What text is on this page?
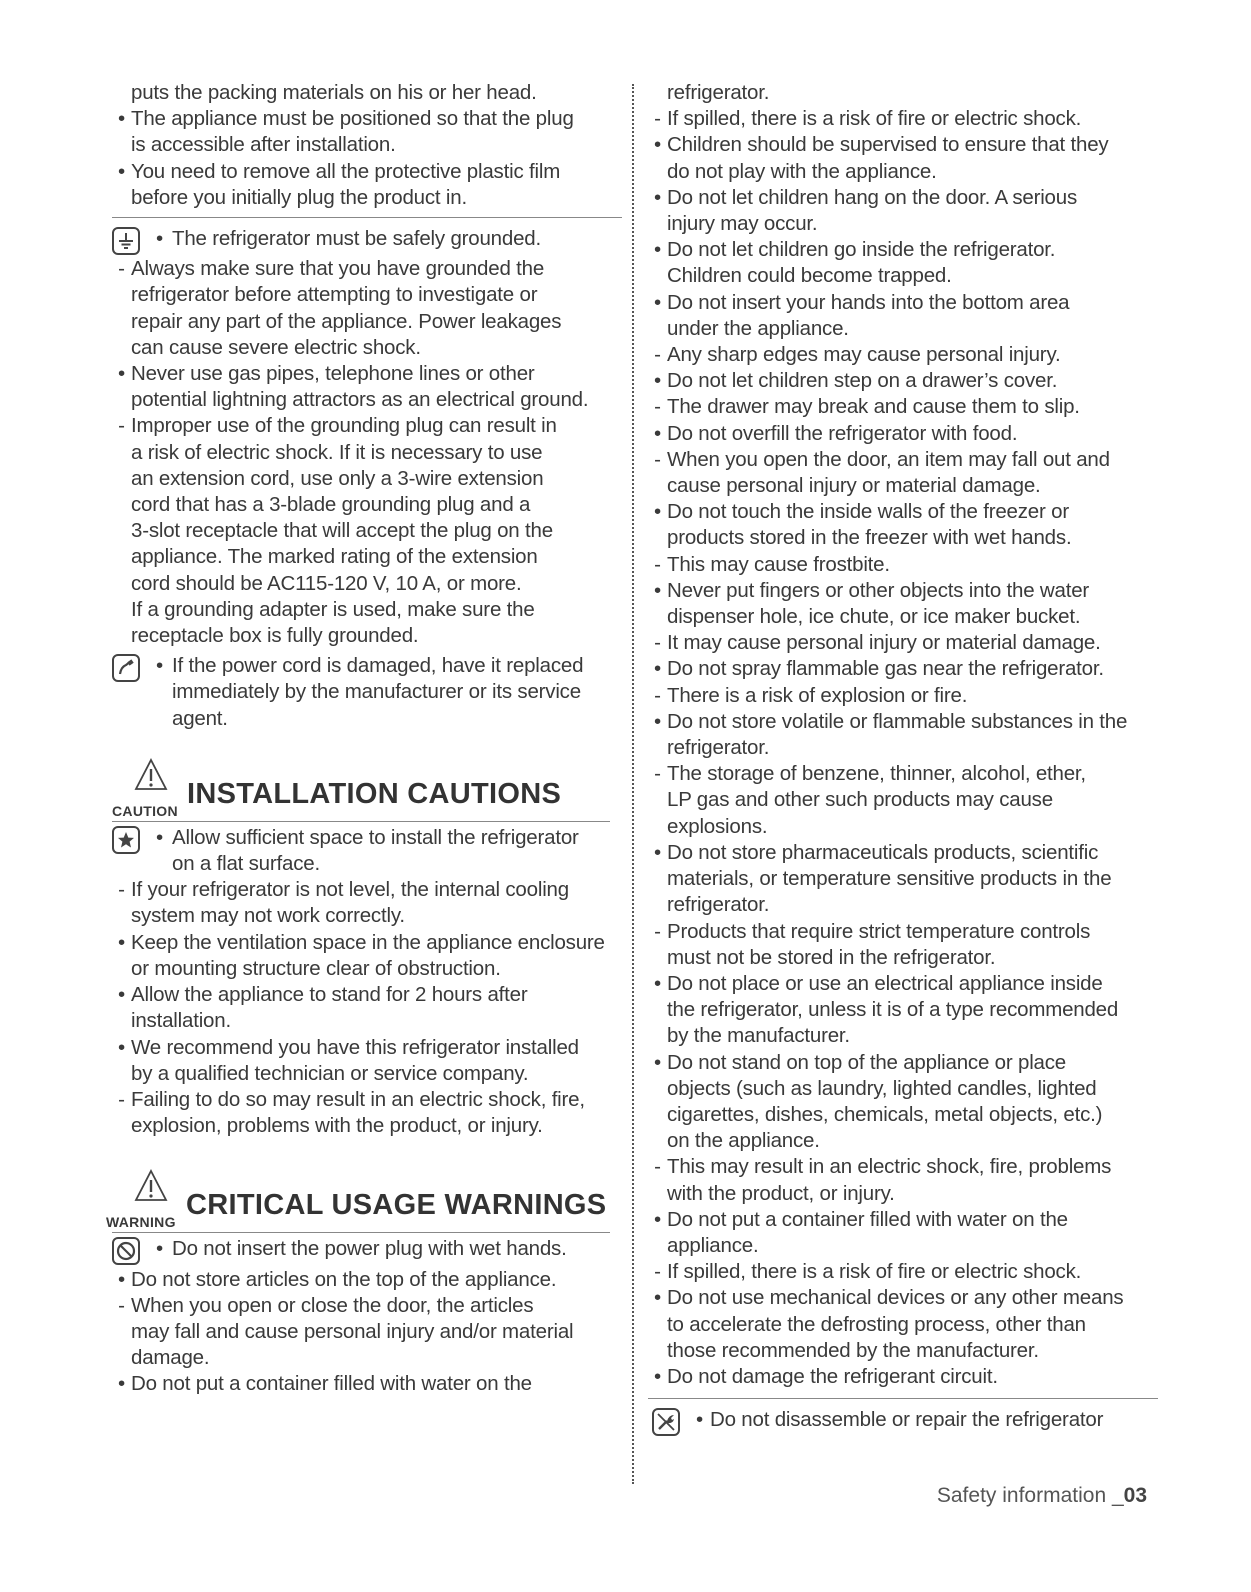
puts the packing materials on his or her head.
• The appliance must be positioned so that the plug
is accessible after installation.
• You need to remove all the protective plastic film
before you initially plug the product in.
• The refrigerator must be safely grounded.
- Always make sure that you have grounded the
refrigerator before attempting to investigate or
repair any part of the appliance. Power leakages
can cause severe electric shock.
• Never use gas pipes, telephone lines or other
potential lightning attractors as an electrical ground.
- Improper use of the grounding plug can result in
a risk of electric shock. If it is necessary to use
an extension cord, use only a 3-wire extension
cord that has a 3-blade grounding plug and a
3-slot receptacle that will accept the plug on the
appliance. The marked rating of the extension
cord should be AC115-120 V, 10 A, or more.
If a grounding adapter is used, make sure the
receptacle box is fully grounded.
• If the power cord is damaged, have it replaced
immediately by the manufacturer or its service
agent.
CAUTION
INSTALLATION CAUTIONS
• Allow sufficient space to install the refrigerator
on a flat surface.
- If your refrigerator is not level, the internal cooling
system may not work correctly.
• Keep the ventilation space in the appliance enclosure
or mounting structure clear of obstruction.
• Allow the appliance to stand for 2 hours after
installation.
• We recommend you have this refrigerator installed
by a qualified technician or service company.
- Failing to do so may result in an electric shock, fire,
explosion, problems with the product, or injury.
WARNING
CRITICAL USAGE WARNINGS
• Do not insert the power plug with wet hands.
• Do not store articles on the top of the appliance.
- When you open or close the door, the articles
may fall and cause personal injury and/or material
damage.
• Do not put a container filled with water on the
refrigerator.
- If spilled, there is a risk of fire or electric shock.
• Children should be supervised to ensure that they
do not play with the appliance.
• Do not let children hang on the door. A serious
injury may occur.
• Do not let children go inside the refrigerator.
Children could become trapped.
• Do not insert your hands into the bottom area
under the appliance.
- Any sharp edges may cause personal injury.
• Do not let children step on a drawer’s cover.
- The drawer may break and cause them to slip.
• Do not overfill the refrigerator with food.
- When you open the door, an item may fall out and
cause personal injury or material damage.
• Do not touch the inside walls of the freezer or
products stored in the freezer with wet hands.
- This may cause frostbite.
• Never put fingers or other objects into the water
dispenser hole, ice chute, or ice maker bucket.
- It may cause personal injury or material damage.
• Do not spray flammable gas near the refrigerator.
- There is a risk of explosion or fire.
• Do not store volatile or flammable substances in the
refrigerator.
- The storage of benzene, thinner, alcohol, ether,
LP gas and other such products may cause
explosions.
• Do not store pharmaceuticals products, scientific
materials, or temperature sensitive products in the
refrigerator.
- Products that require strict temperature controls
must not be stored in the refrigerator.
• Do not place or use an electrical appliance inside
the refrigerator, unless it is of a type recommended
by the manufacturer.
• Do not stand on top of the appliance or place
objects (such as laundry, lighted candles, lighted
cigarettes, dishes, chemicals, metal objects, etc.)
on the appliance.
- This may result in an electric shock, fire, problems
with the product, or injury.
• Do not put a container filled with water on the
appliance.
- If spilled, there is a risk of fire or electric shock.
• Do not use mechanical devices or any other means
to accelerate the defrosting process, other than
those recommended by the manufacturer.
• Do not damage the refrigerant circuit.
• Do not disassemble or repair the refrigerator
Safety information _03
